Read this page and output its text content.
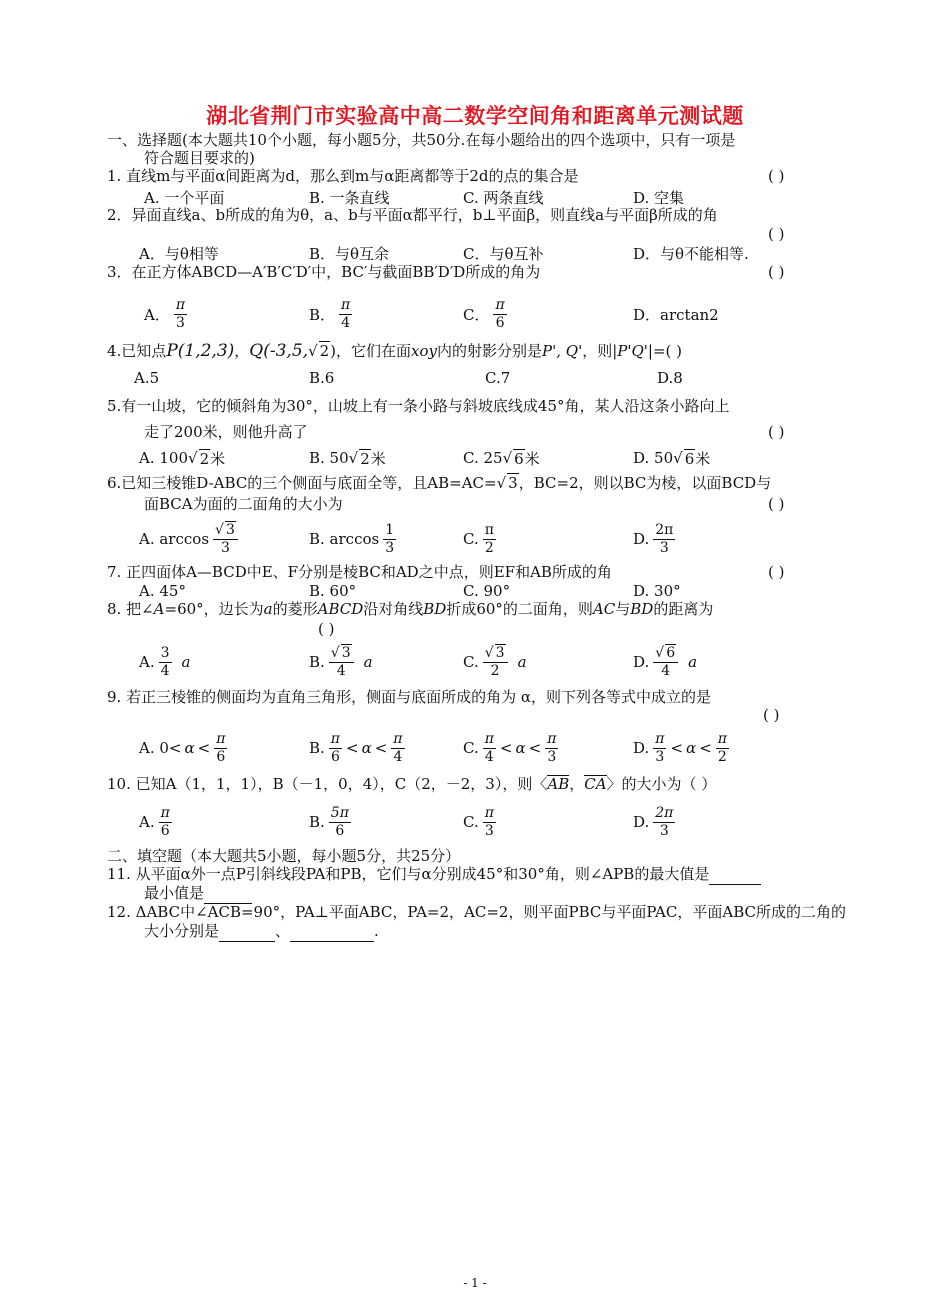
湖北省荆门市实验高中高二数学空间角和距离单元测试题
一、选择题(本大题共10个小题，每小题5分，共50分.在每小题给出的四个选项中，只有一项是
符合题目要求的)
1. 直线m与平面α间距离为d，那么到m与α距离都等于2d的点的集合是	( )
A. 一个平面	B. 一条直线	C. 两条直线	D. 空集
2．异面直线a、b所成的角为θ，a、b与平面α都平行，b⊥平面β，则直线a与平面β所成的角
( )
A．与θ相等	B．与θ互余	C．与θ互补	D．与θ不能相等.
3．在正方体ABCD—A′B′C′D′中，BC′与截面BB′D′D所成的角为	( )
A． $\frac{\pi}{3}$	B． $\frac{\pi}{4}$	C． $\frac{\pi}{6}$	D．arctan2
4.已知点P(1,2,3)，Q(-3,5,√ 2)，它们在面xoy内的射影分别是P', Q'，则|P'Q'|=( )
A.5	B.6	C.7	D.8
5.有一山坡，它的倾斜角为30°，山坡上有一条小路与斜坡底线成45°角，某人沿这条小路向上
走了200米，则他升高了	( )
A. 100 √ 2 米	B. 50 √ 2 米	C. 25 √ 6 米	D. 50 √ 6 米
6.已知三棱锥D-ABC的三个侧面与底面全等，且AB=AC=√ 3，BC=2，则以BC为棱，以面BCD与
面BCA为面的二面角的大小为	( )
A. $\arccos \frac{√ 3}{3}$	B. $\arccos \frac{1}{3}$	C. $\frac{\pi}{2}$	D. $\frac{2\pi}{3}$
7. 正四面体A—BCD中E、F分别是棱BC和AD之中点，则EF和AB所成的角	( )
A. 45°	B. 60°	C. 90°	D. 30°
8. 把∠A=60°，边长为a的菱形ABCD沿对角线BD折成60°的二面角，则AC与BD的距离为
( )
A. $\frac{3}{4}$ a	B. $\frac{√ 3}{4}$ a	C. $\frac{√ 3}{2}$ a	D. $\frac{√ 6}{4}$ a
9. 若正三棱锥的侧面均为直角三角形，侧面与底面所成的角为 α，则下列各等式中成立的是
( )
A. $0< \alpha < \frac{\pi}{6}$	B. $\frac{\pi}{6} < \alpha < \frac{\pi}{4}$	C. $\frac{\pi}{4} < \alpha < \frac{\pi}{3}$	D. $\frac{\pi}{3} < \alpha < \frac{\pi}{2}$
10. 已知A（1，1，1），B（－1，0，4），C（2，－2，3），则〈AB，CA〉的大小为（ ）
A. $\frac{\pi}{6}$	B. $\frac{5\pi}{6}$	C. $\frac{\pi}{3}$	D. $\frac{2\pi}{3}$
二、填空题（本大题共5小题，每小题5分，共25分）
11. 从平面α外一点P引斜线段PA和PB，它们与α分别成45°和30°角，则∠APB的最大值是
最小值是
12. ΔABC中∠ACB=90°，PA⊥平面ABC，PA=2，AC=2，则平面PBC与平面PAC，平面ABC所成的二角的
大小分别是	、	.
- 1 -
